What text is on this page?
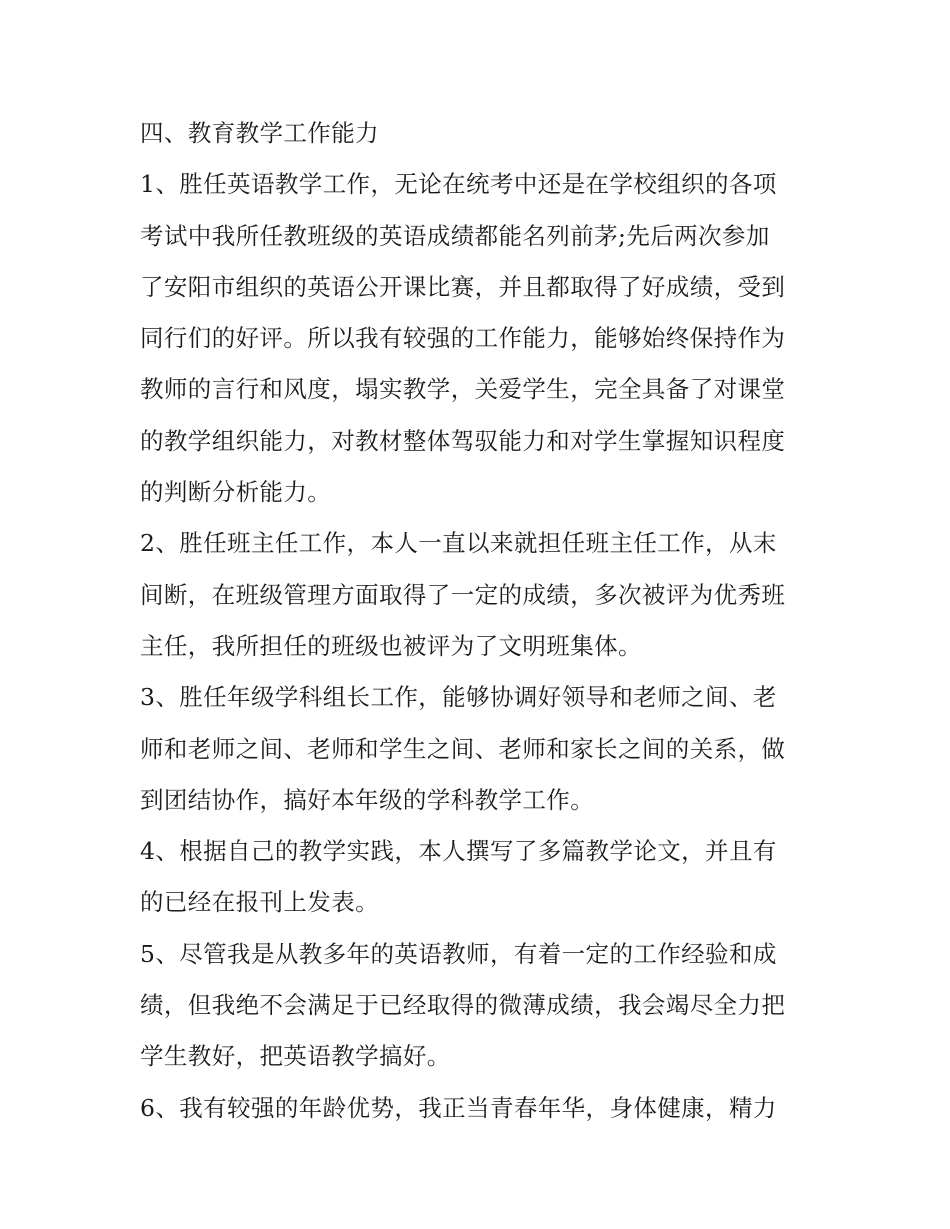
四、教育教学工作能力
1、胜任英语教学工作，无论在统考中还是在学校组织的各项
考试中我所任教班级的英语成绩都能名列前茅;先后两次参加
了安阳市组织的英语公开课比赛，并且都取得了好成绩，受到
同行们的好评。所以我有较强的工作能力，能够始终保持作为
教师的言行和风度，塌实教学，关爱学生，完全具备了对课堂
的教学组织能力，对教材整体驾驭能力和对学生掌握知识程度
的判断分析能力。
2、胜任班主任工作，本人一直以来就担任班主任工作，从末
间断，在班级管理方面取得了一定的成绩，多次被评为优秀班
主任，我所担任的班级也被评为了文明班集体。
3、胜任年级学科组长工作，能够协调好领导和老师之间、老
师和老师之间、老师和学生之间、老师和家长之间的关系，做
到团结协作，搞好本年级的学科教学工作。
4、根据自己的教学实践，本人撰写了多篇教学论文，并且有
的已经在报刊上发表。
5、尽管我是从教多年的英语教师，有着一定的工作经验和成
绩，但我绝不会满足于已经取得的微薄成绩，我会竭尽全力把
学生教好，把英语教学搞好。
6、我有较强的年龄优势，我正当青春年华，身体健康，精力
